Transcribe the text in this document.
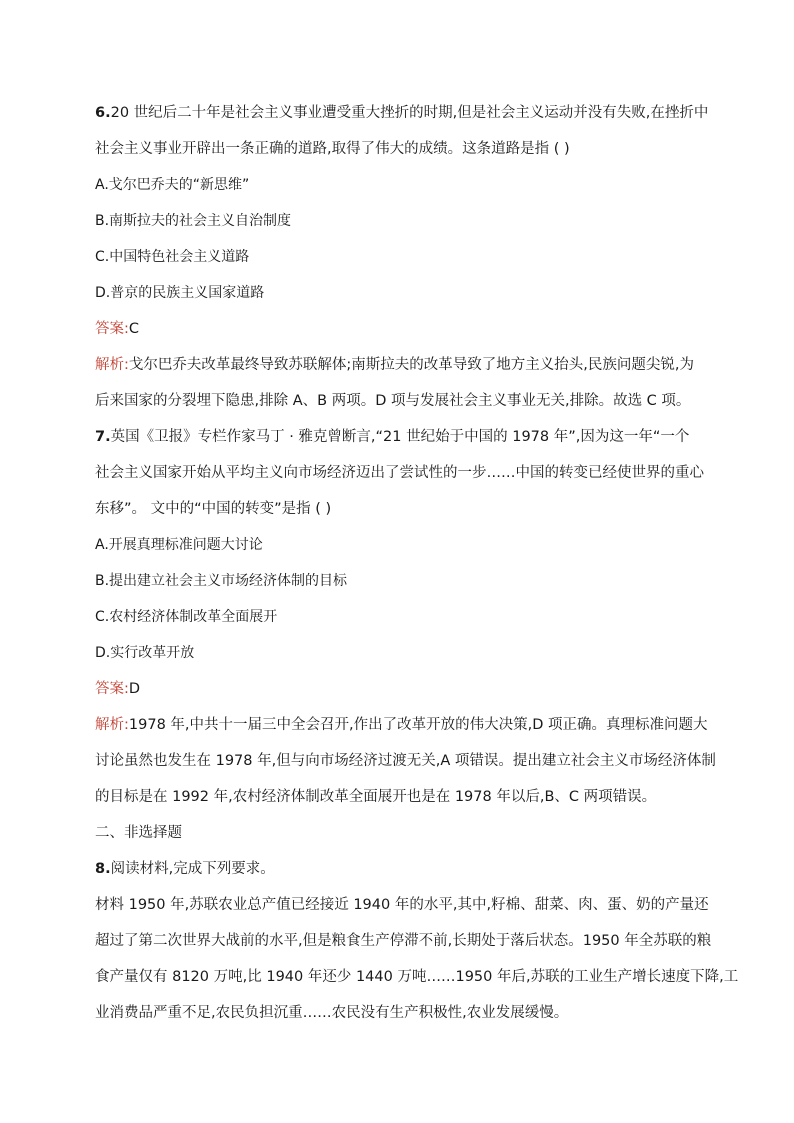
6.20 世纪后二十年是社会主义事业遭受重大挫折的时期,但是社会主义运动并没有失败,在挫折中
社会主义事业开辟出一条正确的道路,取得了伟大的成绩。这条道路是指 ( )
A.戈尔巴乔夫的“新思维”
B.南斯拉夫的社会主义自治制度
C.中国特色社会主义道路
D.普京的民族主义国家道路
答案:C
解析:戈尔巴乔夫改革最终导致苏联解体;南斯拉夫的改革导致了地方主义抬头,民族问题尖锐,为
后来国家的分裂埋下隐患,排除 A、B 两项。D 项与发展社会主义事业无关,排除。故选 C 项。
7.英国《卫报》专栏作家马丁 · 雅克曾断言,“21 世纪始于中国的 1978 年”,因为这一年“一个
社会主义国家开始从平均主义向市场经济迈出了尝试性的一步……中国的转变已经使世界的重心
东移”。 文中的“中国的转变”是指 ( )
A.开展真理标准问题大讨论
B.提出建立社会主义市场经济体制的目标
C.农村经济体制改革全面展开
D.实行改革开放
答案:D
解析:1978 年,中共十一届三中全会召开,作出了改革开放的伟大决策,D 项正确。真理标准问题大
讨论虽然也发生在 1978 年,但与向市场经济过渡无关,A 项错误。提出建立社会主义市场经济体制
的目标是在 1992 年,农村经济体制改革全面展开也是在 1978 年以后,B、C 两项错误。
二、非选择题
8.阅读材料,完成下列要求。
材料 1950 年,苏联农业总产值已经接近 1940 年的水平,其中,籽棉、甜菜、肉、蛋、奶的产量还
超过了第二次世界大战前的水平,但是粮食生产停滞不前,长期处于落后状态。1950 年全苏联的粮
食产量仅有 8120 万吨,比 1940 年还少 1440 万吨……1950 年后,苏联的工业生产增长速度下降,工
业消费品严重不足,农民负担沉重……农民没有生产积极性,农业发展缓慢。
